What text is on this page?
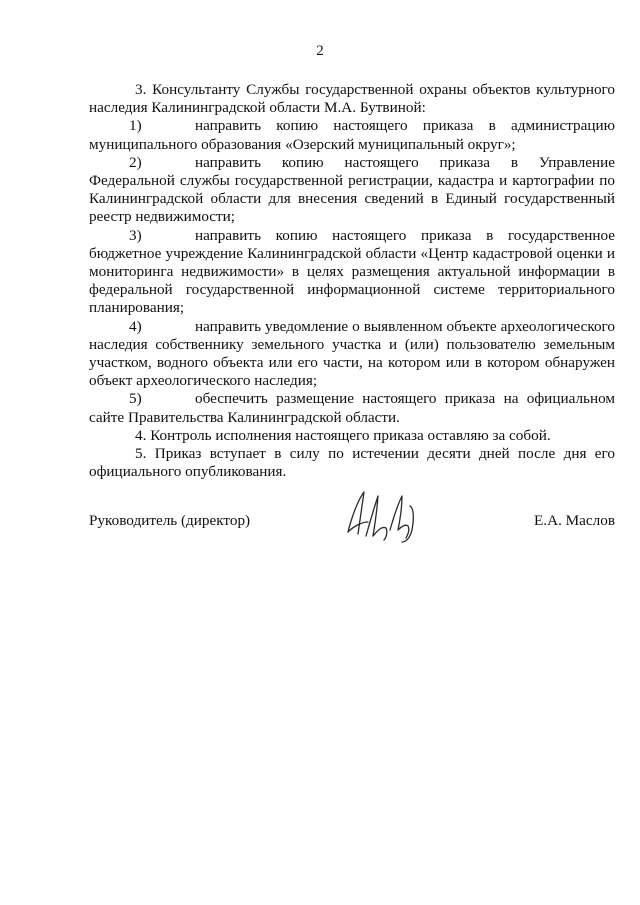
2

3. Консультанту Службы государственной охраны объектов культурного наследия Калининградской области М.А. Бутвиной:

1)	направить копию настоящего приказа в администрацию муниципального образования «Озерский муниципальный округ»;

2)	направить копию настоящего приказа в Управление Федеральной службы государственной регистрации, кадастра и картографии по Калининградской области для внесения сведений в Единый государственный реестр недвижимости;

3)	направить копию настоящего приказа в государственное бюджетное учреждение Калининградской области «Центр кадастровой оценки и мониторинга недвижимости» в целях размещения актуальной информации в федеральной государственной информационной системе территориального планирования;

4)	направить уведомление о выявленном объекте археологического наследия собственнику земельного участка и (или) пользователю земельным участком, водного объекта или его части, на котором или в котором обнаружен объект археологического наследия;

5)	обеспечить размещение настоящего приказа на официальном сайте Правительства Калининградской области.

4. Контроль исполнения настоящего приказа оставляю за собой.

5. Приказ вступает в силу по истечении десяти дней после дня его официального опубликования.

Руководитель (директор)	Е.А. Маслов
